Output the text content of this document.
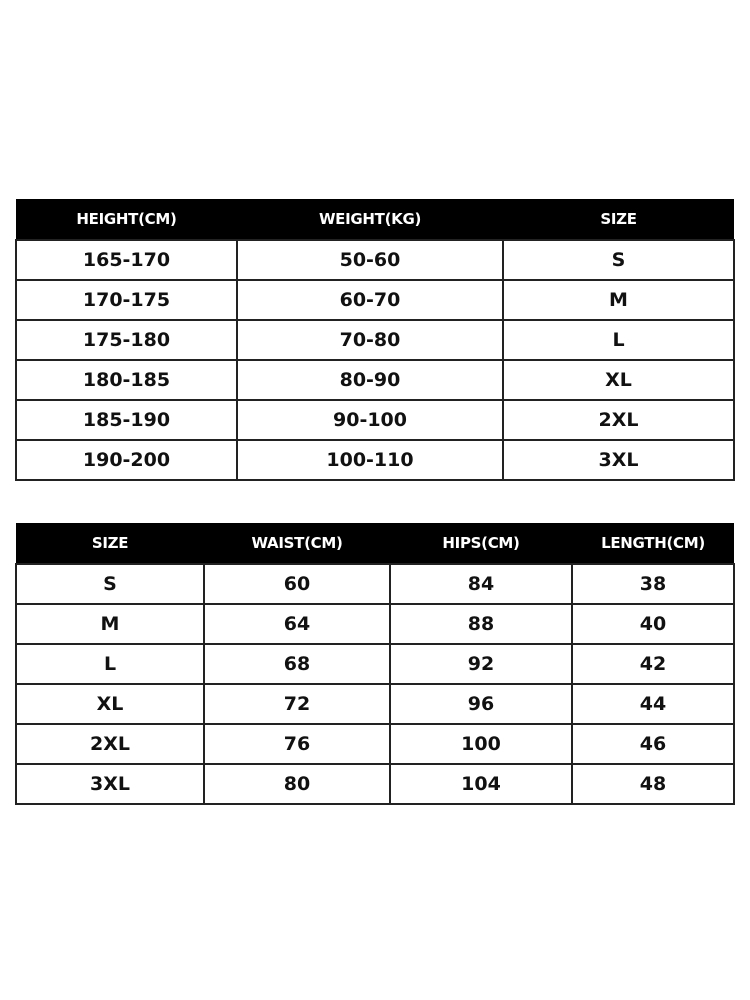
HEIGHT(CM)	WEIGHT(KG)	SIZE
165-170	50-60	S
170-175	60-70	M
175-180	70-80	L
180-185	80-90	XL
185-190	90-100	2XL
190-200	100-110	3XL
SIZE	WAIST(CM)	HIPS(CM)	LENGTH(CM)
S	60	84	38
M	64	88	40
L	68	92	42
XL	72	96	44
2XL	76	100	46
3XL	80	104	48
